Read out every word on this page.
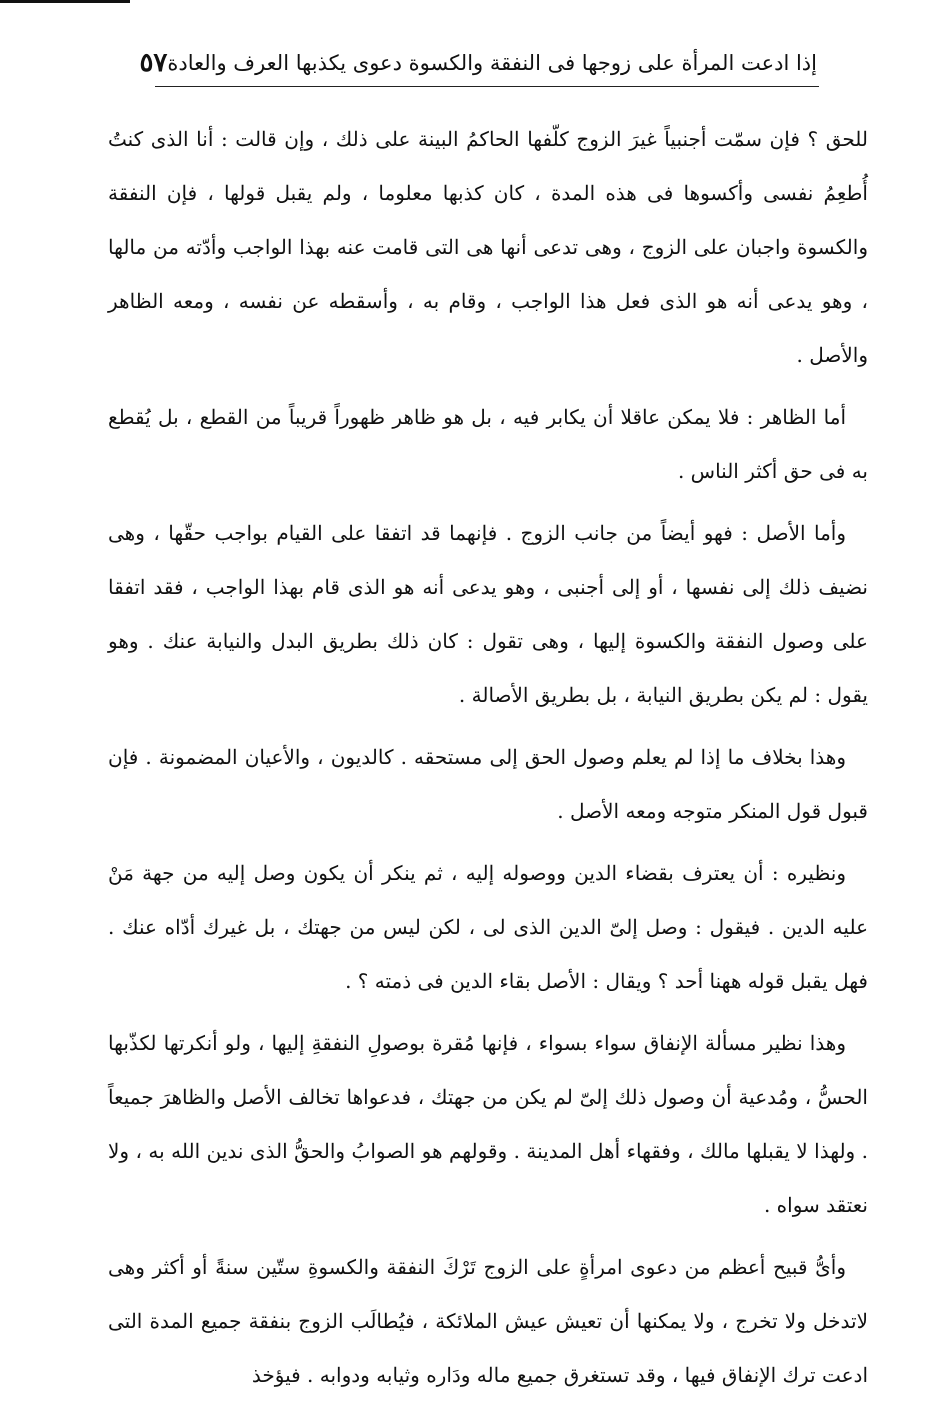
إذا ادعت المرأة على زوجها فى النفقة والكسوة دعوى يكذبها العرف والعادة
٥٧

للحق ؟ فإن سمّت أجنبياً غيرَ الزوج كلّفها الحاكمُ البينة على ذلك ، وإن قالت : أنا الذى كنتُ أُطعِمُ نفسى وأكسوها فى هذه المدة ، كان كذبها معلوما ، ولم يقبل قولها ، فإن النفقة والكسوة واجبان على الزوج ، وهى تدعى أنها هى التى قامت عنه بهذا الواجب وأدّته من مالها ، وهو يدعى أنه هو الذى فعل هذا الواجب ، وقام به ، وأسقطه عن نفسه ، ومعه الظاهر والأصل .

أما الظاهر : فلا يمكن عاقلا أن يكابر فيه ، بل هو ظاهر ظهوراً قريباً من القطع ، بل يُقطع به فى حق أكثر الناس .

وأما الأصل : فهو أيضاً من جانب الزوج . فإنهما قد اتفقا على القيام بواجب حقّها ، وهى نضيف ذلك إلى نفسها ، أو إلى أجنبى ، وهو يدعى أنه هو الذى قام بهذا الواجب ، فقد اتفقا على وصول النفقة والكسوة إليها ، وهى تقول : كان ذلك بطريق البدل والنيابة عنك . وهو يقول : لم يكن بطريق النيابة ، بل بطريق الأصالة .

وهذا بخلاف ما إذا لم يعلم وصول الحق إلى مستحقه . كالديون ، والأعيان المضمونة . فإن قبول قول المنكر متوجه ومعه الأصل .

ونظيره : أن يعترف بقضاء الدين ووصوله إليه ، ثم ينكر أن يكون وصل إليه من جهة مَنْ عليه الدين . فيقول : وصل إلىّ الدين الذى لى ، لكن ليس من جهتك ، بل غيرك أدّاه عنك . فهل يقبل قوله ههنا أحد ؟ ويقال : الأصل بقاء الدين فى ذمته ؟ .

وهذا نظير مسألة الإنفاق سواء بسواء ، فإنها مُقرة بوصولِ النفقةِ إليها ، ولو أنكرتها لكذّبها الحسُّ ، ومُدعية أن وصول ذلك إلىّ لم يكن من جهتك ، فدعواها تخالف الأصل والظاهرَ جميعاً . ولهذا لا يقبلها مالك ، وفقهاء أهل المدينة . وقولهم هو الصوابُ والحقُّ الذى ندين الله به ، ولا نعتقد سواه .

وأىُّ قبيح أعظم من دعوى امرأةٍ على الزوج تَرْكَ النفقة والكسوةِ ستّين سنةً أو أكثر وهى لاتدخل ولا تخرج ، ولا يمكنها أن تعيش عيش الملائكة ، فيُطالَب الزوج بنفقة جميع المدة التى ادعت ترك الإنفاق فيها ، وقد تستغرق جميع ماله ودَاره وثيابه ودوابه . فيؤخذ
